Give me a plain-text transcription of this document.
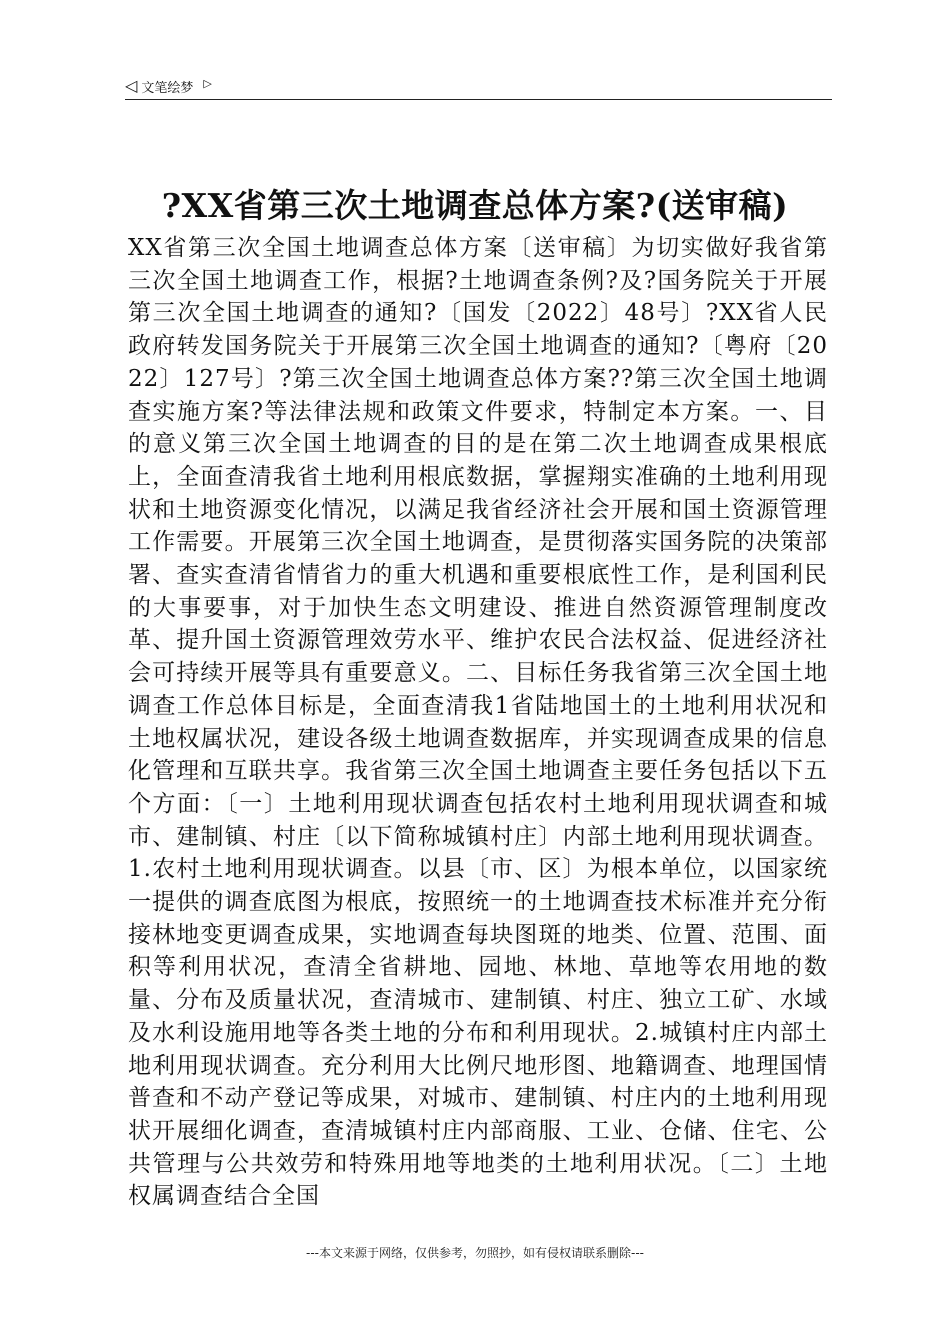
◁ 文笔绘梦 ▷
?XX省第三次土地调查总体方案?(送审稿)
XX省第三次全国土地调查总体方案〔送审稿〕为切实做好我省第三次全国土地调查工作，根据?土地调查条例?及?国务院关于开展第三次全国土地调查的通知?〔国发〔2022〕48号〕?XX省人民政府转发国务院关于开展第三次全国土地调查的通知?〔粤府〔2022〕127号〕?第三次全国土地调查总体方案??第三次全国土地调查实施方案?等法律法规和政策文件要求，特制定本方案。一、目的意义第三次全国土地调查的目的是在第二次土地调查成果根底上，全面查清我省土地利用根底数据，掌握翔实准确的土地利用现状和土地资源变化情况，以满足我省经济社会开展和国土资源管理工作需要。开展第三次全国土地调查，是贯彻落实国务院的决策部署、查实查清省情省力的重大机遇和重要根底性工作，是利国利民的大事要事，对于加快生态文明建设、推进自然资源管理制度改革、提升国土资源管理效劳水平、维护农民合法权益、促进经济社会可持续开展等具有重要意义。二、目标任务我省第三次全国土地调查工作总体目标是，全面查清我1省陆地国土的土地利用状况和土地权属状况，建设各级土地调查数据库，并实现调查成果的信息化管理和互联共享。我省第三次全国土地调查主要任务包括以下五个方面：〔一〕土地利用现状调查包括农村土地利用现状调查和城市、建制镇、村庄〔以下简称城镇村庄〕内部土地利用现状调查。1.农村土地利用现状调查。以县〔市、区〕为根本单位，以国家统一提供的调查底图为根底，按照统一的土地调查技术标准并充分衔接林地变更调查成果，实地调查每块图斑的地类、位置、范围、面积等利用状况，查清全省耕地、园地、林地、草地等农用地的数量、分布及质量状况，查清城市、建制镇、村庄、独立工矿、水域及水利设施用地等各类土地的分布和利用现状。2.城镇村庄内部土地利用现状调查。充分利用大比例尺地形图、地籍调查、地理国情普查和不动产登记等成果，对城市、建制镇、村庄内的土地利用现状开展细化调查，查清城镇村庄内部商服、工业、仓储、住宅、公共管理与公共效劳和特殊用地等地类的土地利用状况。〔二〕土地权属调查结合全国
---本文来源于网络，仅供参考，勿照抄，如有侵权请联系删除---
